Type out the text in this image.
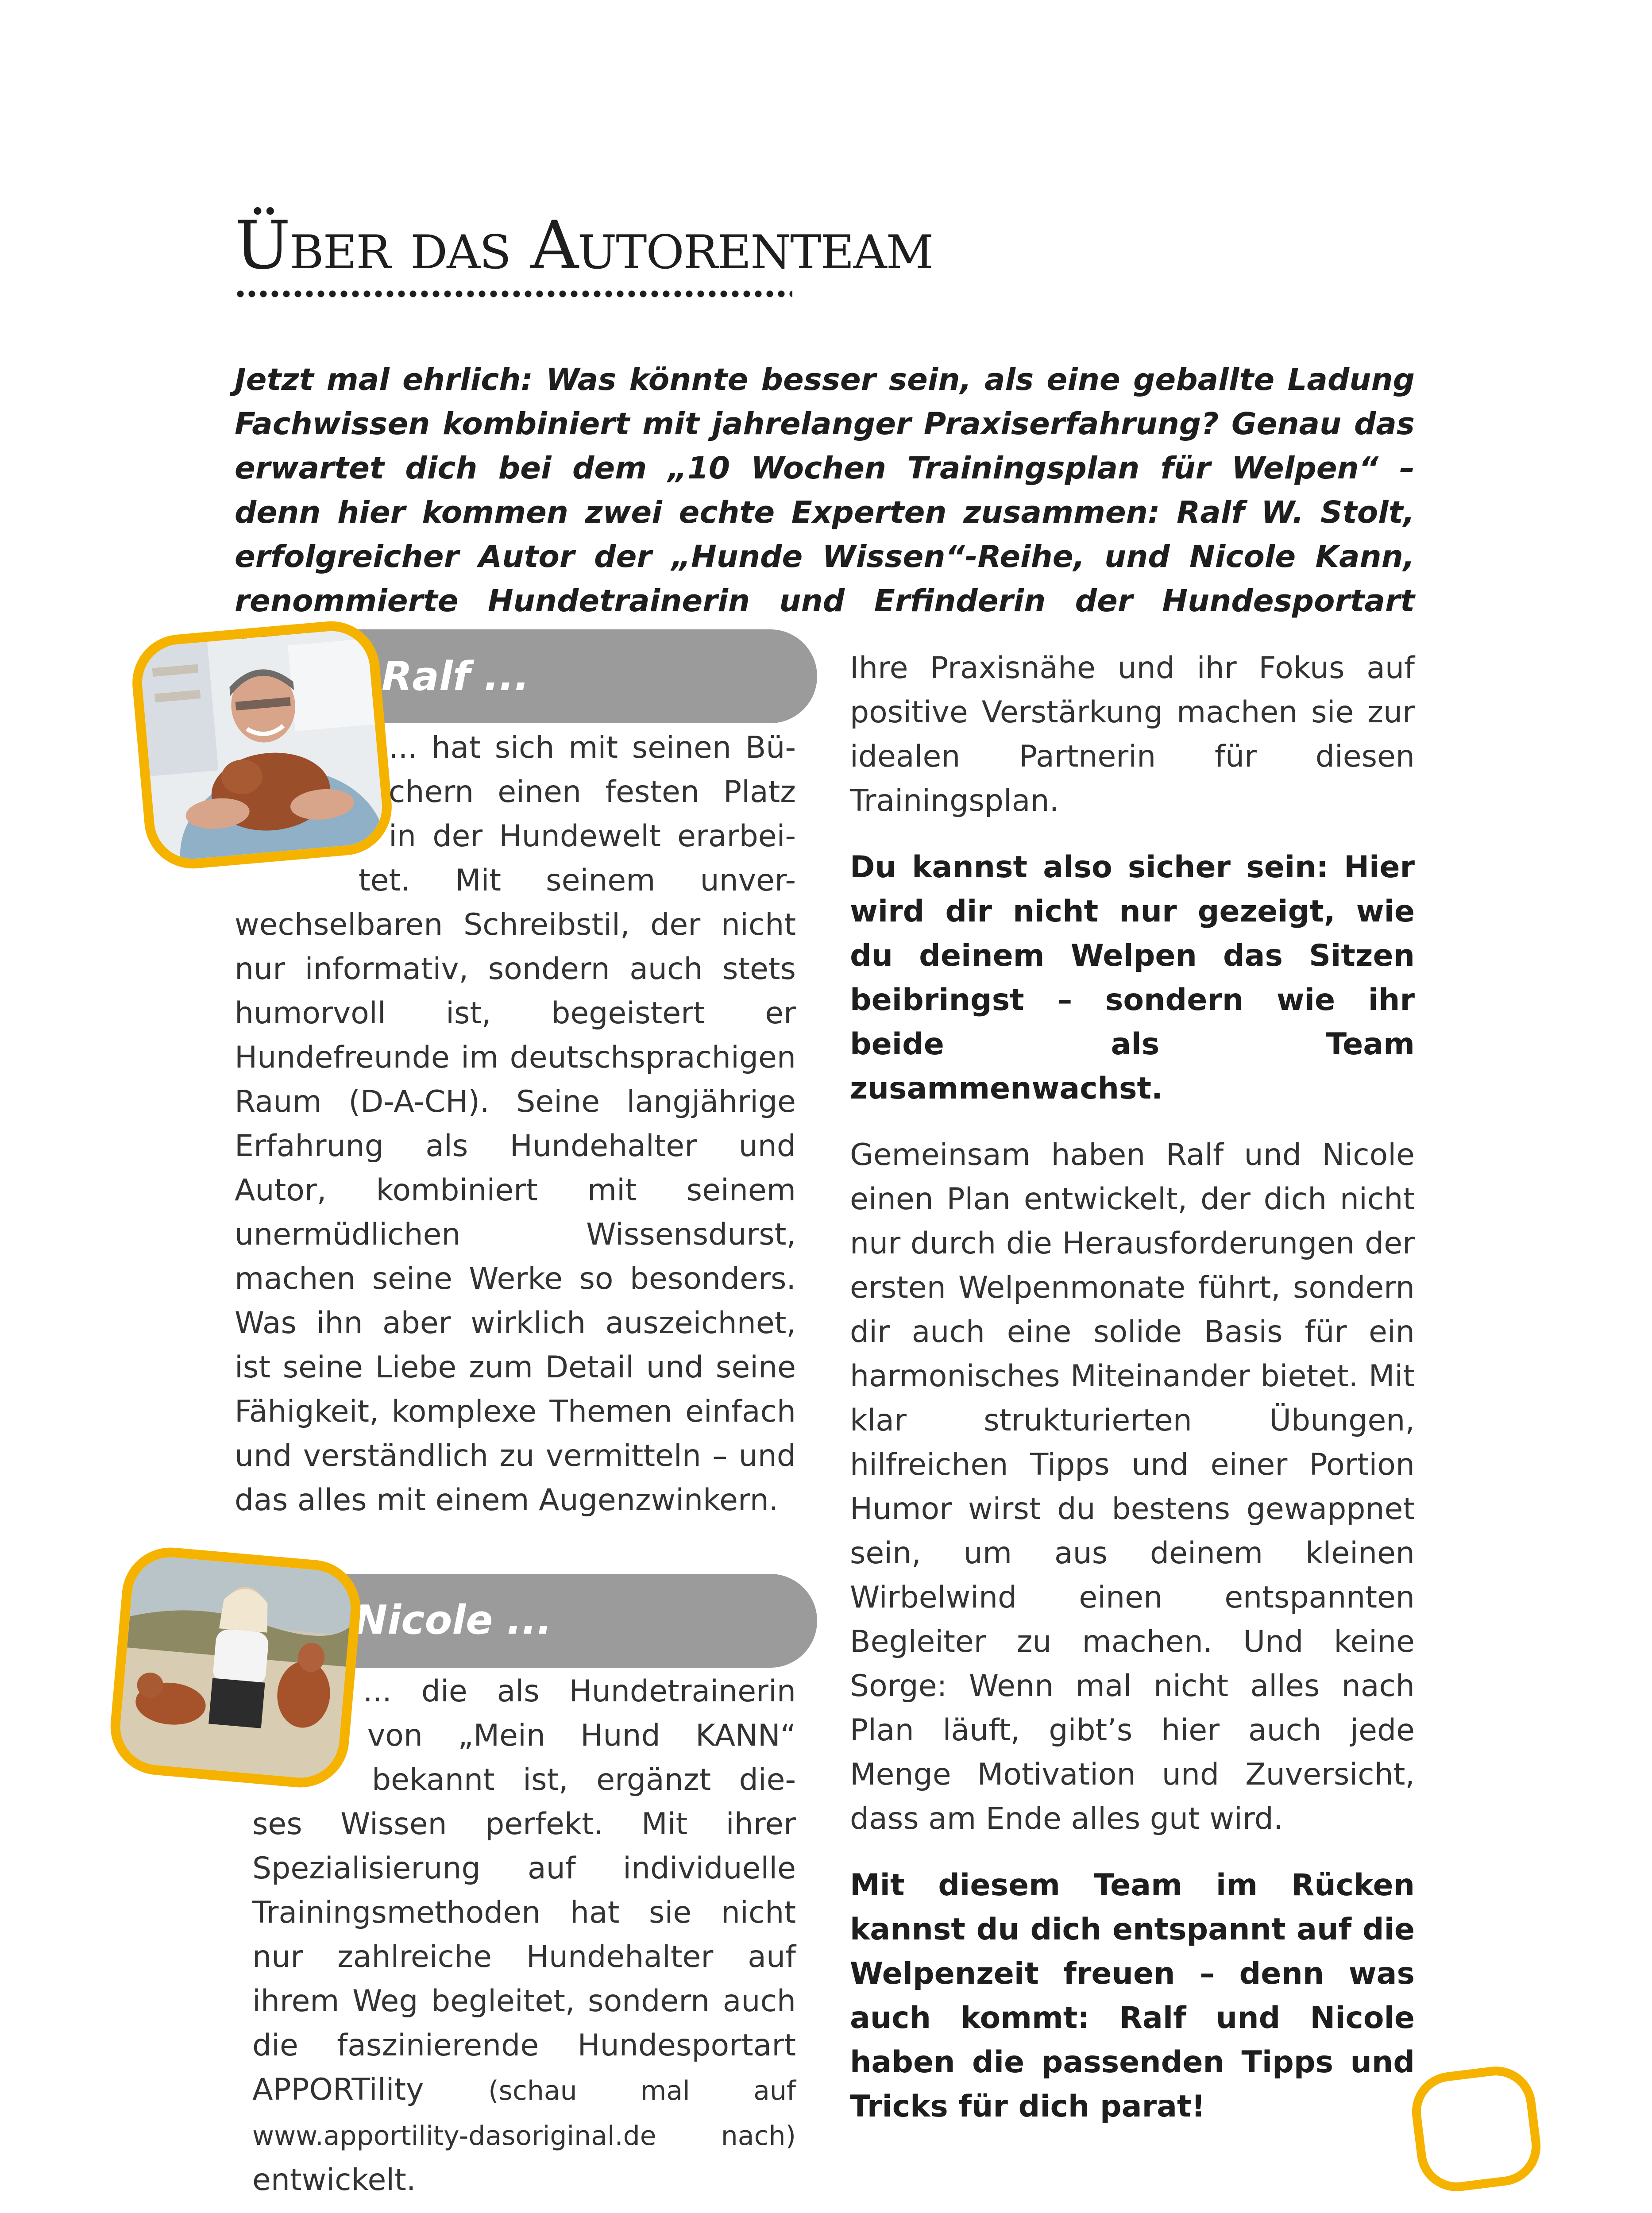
Über das Autorenteam

Jetzt mal ehrlich: Was könnte besser sein, als eine geballte Ladung Fachwissen kombiniert mit jahrelanger Praxiserfahrung? Genau das erwartet dich bei dem „10 Wochen Trainingsplan für Welpen“ – denn hier kommen zwei echte Experten zusammen: Ralf W. Stolt, erfolgreicher Autor der „Hunde Wissen“-Reihe, und Nicole Kann, renommierte Hundetrainerin und Erfinderin der Hundesportart

Ralf ...
... hat sich mit seinen Bü-
chern einen festen Platz
in der Hundewelt erarbei-
tet. Mit seinem unver-

wechselbaren Schreibstil, der nicht nur informativ, sondern auch stets humorvoll ist, begeistert er Hundefreunde im deutschsprachigen Raum (D-A-CH). Seine langjährige Erfahrung als Hundehalter und Autor, kombiniert mit seinem unermüdlichen Wissensdurst, machen seine Werke so besonders. Was ihn aber wirklich auszeichnet, ist seine Liebe zum Detail und seine Fähigkeit, komplexe Themen einfach und verständlich zu vermitteln – und das alles mit einem Augenzwinkern.

Nicole ...
... die als Hundetrainerin
von „Mein Hund KANN“
bekannt ist, ergänzt die-

ses Wissen perfekt. Mit ihrer Spezialisierung auf individuelle Trainingsmethoden hat sie nicht nur zahlreiche Hundehalter auf ihrem Weg begleitet, sondern auch die faszinierende Hundesportart APPORTility (schau mal auf www.apportility-dasoriginal.de nach) entwickelt.

Ihre Praxisnähe und ihr Fokus auf positive Verstärkung machen sie zur idealen Partnerin für diesen Trainingsplan.

Du kannst also sicher sein: Hier wird dir nicht nur gezeigt, wie du deinem Welpen das Sitzen beibringst – sondern wie ihr beide als Team zusammenwachst.

Gemeinsam haben Ralf und Nicole einen Plan entwickelt, der dich nicht nur durch die Herausforderungen der ersten Welpenmonate führt, sondern dir auch eine solide Basis für ein harmonisches Miteinander bietet. Mit klar strukturierten Übungen, hilfreichen Tipps und einer Portion Humor wirst du bestens gewappnet sein, um aus deinem kleinen Wirbelwind einen entspannten Begleiter zu machen. Und keine Sorge: Wenn mal nicht alles nach Plan läuft, gibt’s hier auch jede Menge Motivation und Zuversicht, dass am Ende alles gut wird.

Mit diesem Team im Rücken kannst du dich entspannt auf die Welpenzeit freuen – denn was auch kommt: Ralf und Nicole haben die passenden Tipps und Tricks für dich parat!
